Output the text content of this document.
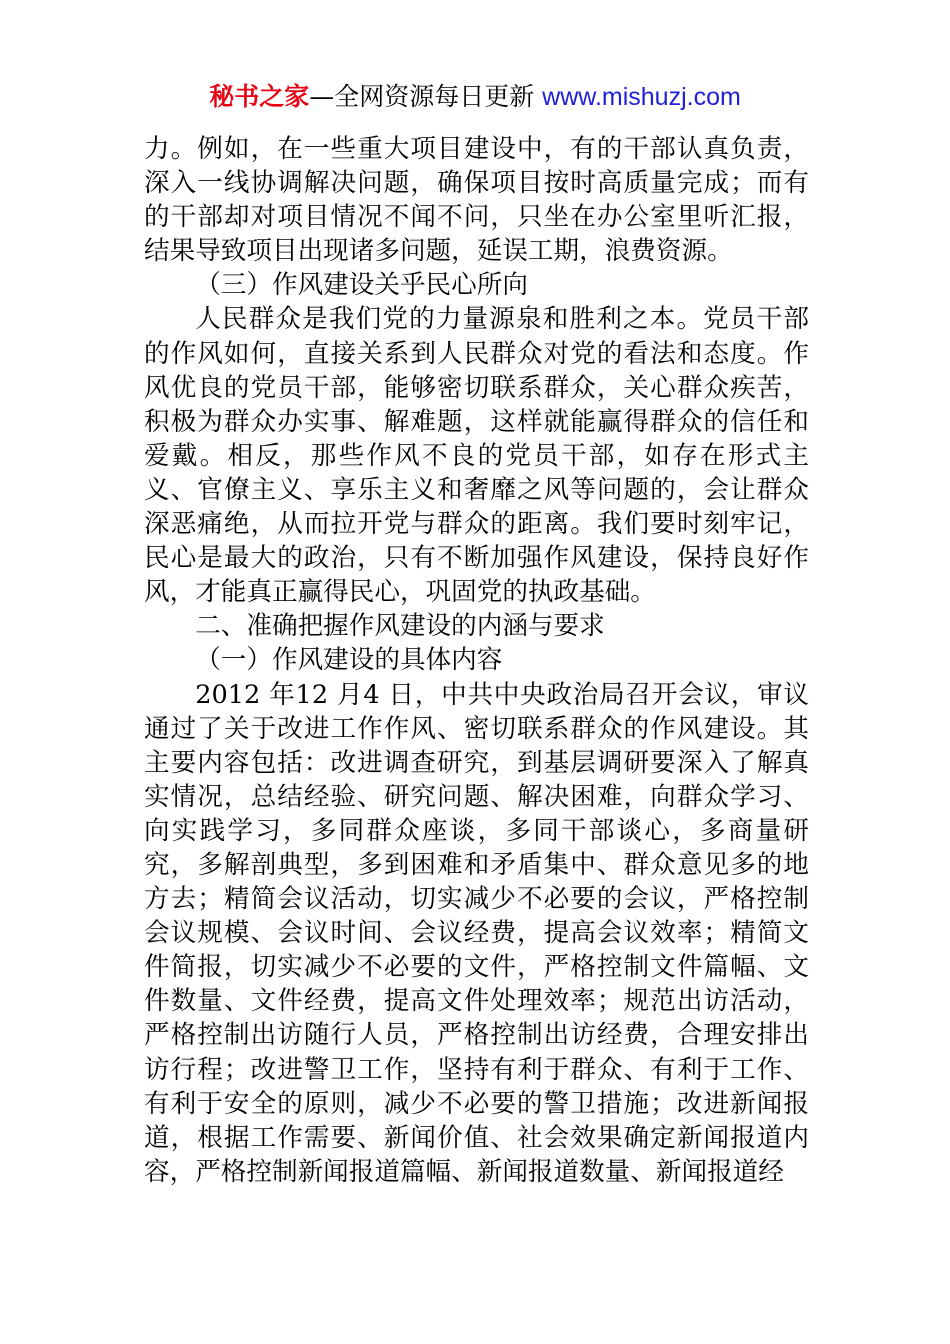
秘书之家—全网资源每日更新 www.mishuzj.com

力。例如，在一些重大项目建设中，有的干部认真负责，深入一线协调解决问题，确保项目按时高质量完成；而有的干部却对项目情况不闻不问，只坐在办公室里听汇报，结果导致项目出现诸多问题，延误工期，浪费资源。

（三）作风建设关乎民心所向

人民群众是我们党的力量源泉和胜利之本。党员干部的作风如何，直接关系到人民群众对党的看法和态度。作风优良的党员干部，能够密切联系群众，关心群众疾苦，积极为群众办实事、解难题，这样就能赢得群众的信任和爱戴。相反，那些作风不良的党员干部，如存在形式主义、官僚主义、享乐主义和奢靡之风等问题的，会让群众深恶痛绝，从而拉开党与群众的距离。我们要时刻牢记，民心是最大的政治，只有不断加强作风建设，保持良好作风，才能真正赢得民心，巩固党的执政基础。

二、准确把握作风建设的内涵与要求

（一）作风建设的具体内容

2012 年12 月4 日，中共中央政治局召开会议，审议通过了关于改进工作作风、密切联系群众的作风建设。其主要内容包括：改进调查研究，到基层调研要深入了解真实情况，总结经验、研究问题、解决困难，向群众学习、向实践学习，多同群众座谈，多同干部谈心，多商量研究，多解剖典型，多到困难和矛盾集中、群众意见多的地方去；精简会议活动，切实减少不必要的会议，严格控制会议规模、会议时间、会议经费，提高会议效率；精简文件简报，切实减少不必要的文件，严格控制文件篇幅、文件数量、文件经费，提高文件处理效率；规范出访活动，严格控制出访随行人员，严格控制出访经费，合理安排出访行程；改进警卫工作，坚持有利于群众、有利于工作、有利于安全的原则，减少不必要的警卫措施；改进新闻报道，根据工作需要、新闻价值、社会效果确定新闻报道内容，严格控制新闻报道篇幅、新闻报道数量、新闻报道经
